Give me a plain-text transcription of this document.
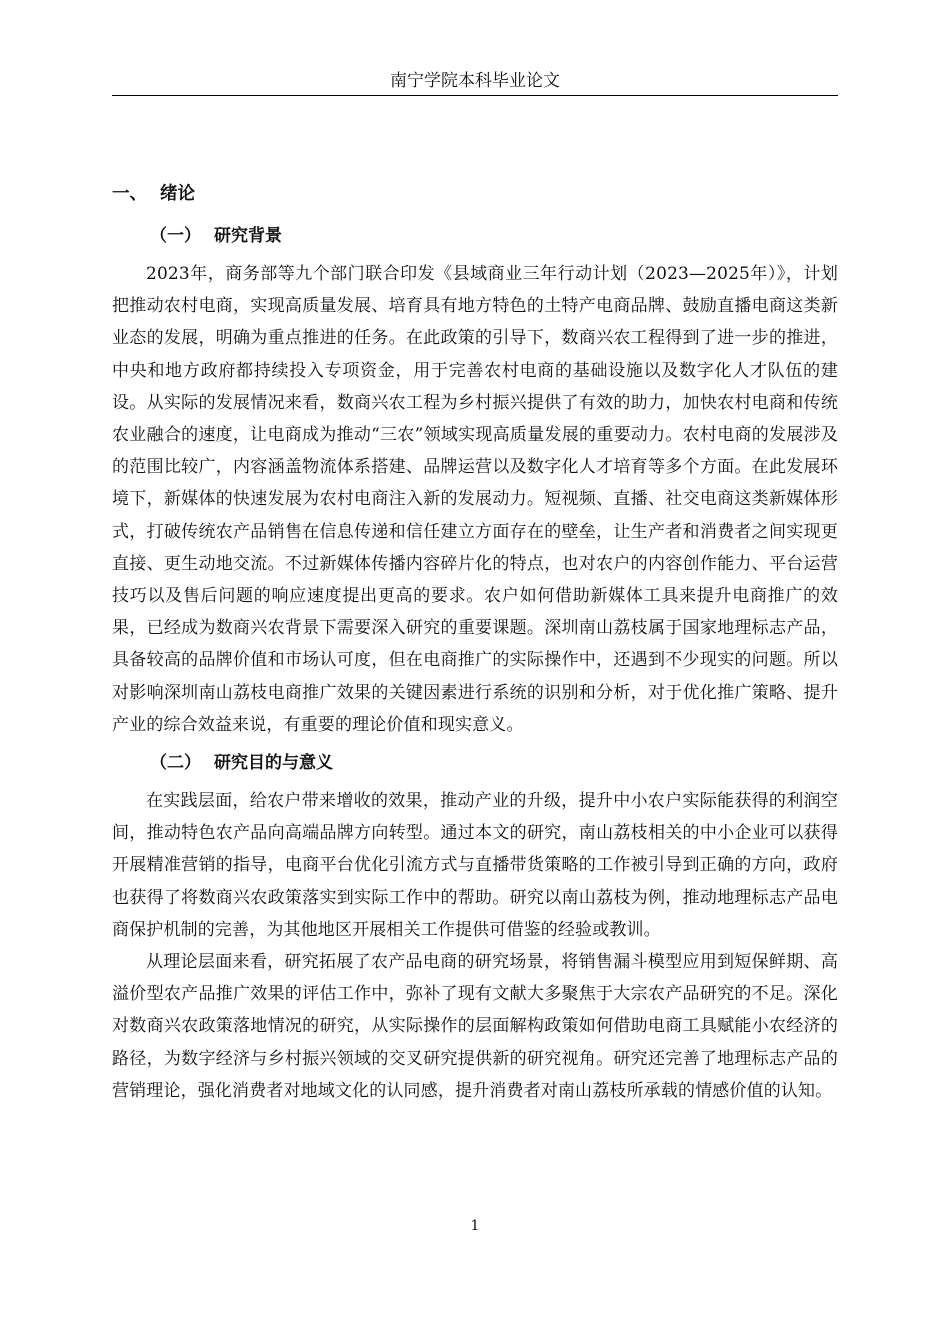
南宁学院本科毕业论文
一、 绪论
（一） 研究背景

2023年，商务部等九个部门联合印发《县域商业三年行动计划（2023—2025年）》，计划把推动农村电商，实现高质量发展、培育具有地方特色的土特产电商品牌、鼓励直播电商这类新业态的发展，明确为重点推进的任务。在此政策的引导下，数商兴农工程得到了进一步的推进，中央和地方政府都持续投入专项资金，用于完善农村电商的基础设施以及数字化人才队伍的建设。从实际的发展情况来看，数商兴农工程为乡村振兴提供了有效的助力，加快农村电商和传统农业融合的速度，让电商成为推动“三农”领域实现高质量发展的重要动力。农村电商的发展涉及的范围比较广，内容涵盖物流体系搭建、品牌运营以及数字化人才培育等多个方面。在此发展环境下，新媒体的快速发展为农村电商注入新的发展动力。短视频、直播、社交电商这类新媒体形式，打破传统农产品销售在信息传递和信任建立方面存在的壁垒，让生产者和消费者之间实现更直接、更生动地交流。不过新媒体传播内容碎片化的特点，也对农户的内容创作能力、平台运营技巧以及售后问题的响应速度提出更高的要求。农户如何借助新媒体工具来提升电商推广的效果，已经成为数商兴农背景下需要深入研究的重要课题。深圳南山荔枝属于国家地理标志产品，具备较高的品牌价值和市场认可度，但在电商推广的实际操作中，还遇到不少现实的问题。所以对影响深圳南山荔枝电商推广效果的关键因素进行系统的识别和分析，对于优化推广策略、提升产业的综合效益来说，有重要的理论价值和现实意义。

（二） 研究目的与意义

在实践层面，给农户带来增收的效果，推动产业的升级，提升中小农户实际能获得的利润空间，推动特色农产品向高端品牌方向转型。通过本文的研究，南山荔枝相关的中小企业可以获得开展精准营销的指导，电商平台优化引流方式与直播带货策略的工作被引导到正确的方向，政府也获得了将数商兴农政策落实到实际工作中的帮助。研究以南山荔枝为例，推动地理标志产品电商保护机制的完善，为其他地区开展相关工作提供可借鉴的经验或教训。

从理论层面来看，研究拓展了农产品电商的研究场景，将销售漏斗模型应用到短保鲜期、高溢价型农产品推广效果的评估工作中，弥补了现有文献大多聚焦于大宗农产品研究的不足。深化对数商兴农政策落地情况的研究，从实际操作的层面解构政策如何借助电商工具赋能小农经济的路径，为数字经济与乡村振兴领域的交叉研究提供新的研究视角。研究还完善了地理标志产品的营销理论，强化消费者对地域文化的认同感，提升消费者对南山荔枝所承载的情感价值的认知。

1
